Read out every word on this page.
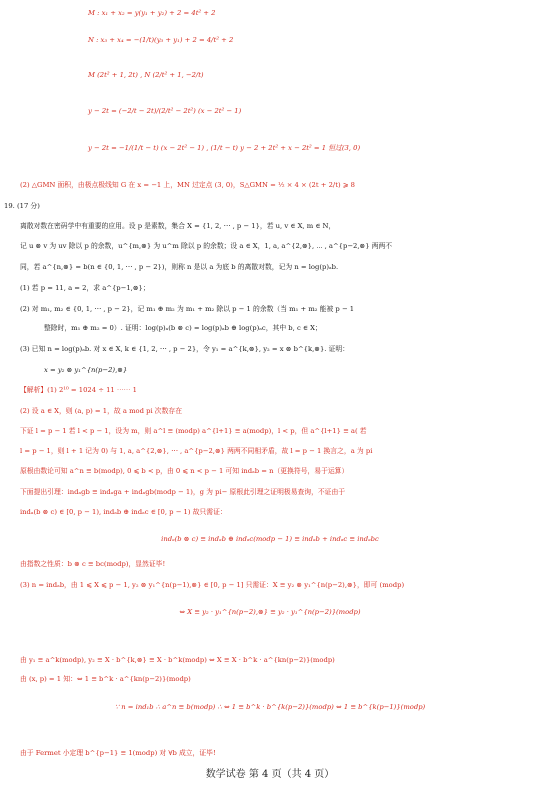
M : x₁ + x₂ = y(y₁ + y₂) + 2 = 4t² + 2
N : x₃ + x₄ = −(1/t)(y₃ + y₁) + 2 = 4/t² + 2
M (2t² + 1, 2t) , N (2/t² + 1, −2/t)
y − 2t = (−2/t − 2t)/(2/t² − 2t²) (x − 2t² − 1)
y − 2t = −1/(1/t − t) (x − 2t² − 1) , (1/t − t) y − 2 + 2t² + x − 2t² = 1 恒过(3, 0)
(2) △GMN 面积，由极点极线知 G 在 x = −1 上，MN 过定点 (3, 0)，S△GMN = ½ × 4 × (2t + 2/t) ⩾ 8
19. (17 分)
离散对数在密码学中有重要的应用。设 p 是素数，集合 X = {1, 2, ⋯ , p − 1}，若 u, v ∈ X, m ∈ N，
记 u ⊗ v 为 uv 除以 p 的余数，u^{m,⊗} 为 u^m 除以 p 的余数；设 a ∈ X，1, a, a^{2,⊗}, ⋯ , a^{p−2,⊗} 两两不
同，若 a^{n,⊗} = b(n ∈ {0, 1, ⋯ , p − 2})，则称 n 是以 a 为底 b 的离散对数，记为 n = log(p)ₐb.
(1) 若 p = 11, a = 2，求 a^{p−1,⊗}；
(2) 对 m₁, m₂ ∈ {0, 1, ⋯ , p − 2}，记 m₁ ⊕ m₂ 为 m₁ + m₂ 除以 p − 1 的余数（当 m₁ + m₂ 能被 p − 1
整除时，m₁ ⊕ m₂ = 0）. 证明：log(p)ₐ(b ⊗ c) = log(p)ₐb ⊕ log(p)ₐc，其中 b, c ∈ X；
(3) 已知 n = log(p)ₐb. 对 x ∈ X, k ∈ {1, 2, ⋯ , p − 2}，令 y₁ = a^{k,⊗}, y₂ = x ⊗ b^{k,⊗}. 证明：
x = y₂ ⊗ y₁^{n(p−2),⊗}
【解析】(1) 2¹⁰ = 1024 ÷ 11 ⋯⋯ 1
(2) 设 a ∈ X，则 (a, p) = 1，故 a mod pi 次数存在
下证 l = p − 1 若 l < p − 1，设为 m，则 a^l ≡ (modp) a^{l+1} ≡ a(modp)，l < p，但 a^{l+1} ≡ a( 若
l = p − 1，则 l + 1 记为 0) 与 1, a, a^{2,⊗}, ⋯ , a^{p−2,⊗} 两两不同相矛盾，故 l = p − 1 换言之，a 为 pi
原根由数论可知 a^n ≡ b(modp), 0 ⩽ b < p，由 0 ⩽ n < p − 1 可知 indₐb = n（更换符号，易于运算）
下面提出引理：indₐgb ≡ indₐga + indₐgb(modp − 1)，g 为 pi− 原根此引理之证明极易查询，不证由于
indₐ(b ⊗ c) ∈ [0, p − 1), indₐb ⊕ indₐc ∈ [0, p − 1) 故只需证：
indₐ(b ⊗ c) ≡ indₐb ⊕ indₐc(modp − 1) ≡ indₐb + indₐc ≡ indₐbc
由指数之性质：b ⊗ c ≡ bc(modp)，显然证毕!
(3) n = indₐb，由 1 ⩽ X ⩽ p − 1, y₂ ⊗ y₁^{n(p−1),⊗} ∈ [0, p − 1] 只需证：X ≡ y₂ ⊗ y₁^{n(p−2),⊗}，即可 (modp)
⇔ X ≡ y₂ · y₁^{n(p−2),⊗} ≡ y₂ · y₁^{n(p−2)}(modp)
由 y₁ ≡ a^k(modp), y₂ ≡ X · b^{k,⊗} ≡ X · b^k(modp) ⇔ X ≡ X · b^k · a^{kn(p−2)}(modp)
由 (x, p) = 1 知：⇔ 1 ≡ b^k · a^{kn(p−2)}(modp)
∵ n = ind₁b ∴ a^n ≡ b(modp) ∴ ⇔ 1 ≡ b^k · b^{k(p−2)}(modp) ⇔ 1 ≡ b^{k(p−1)}(modp)
由于 Fermet 小定理 b^{p−1} ≡ 1(modp) 对 ∀b 成立，证毕!
数学试卷 第 4 页（共 4 页）
